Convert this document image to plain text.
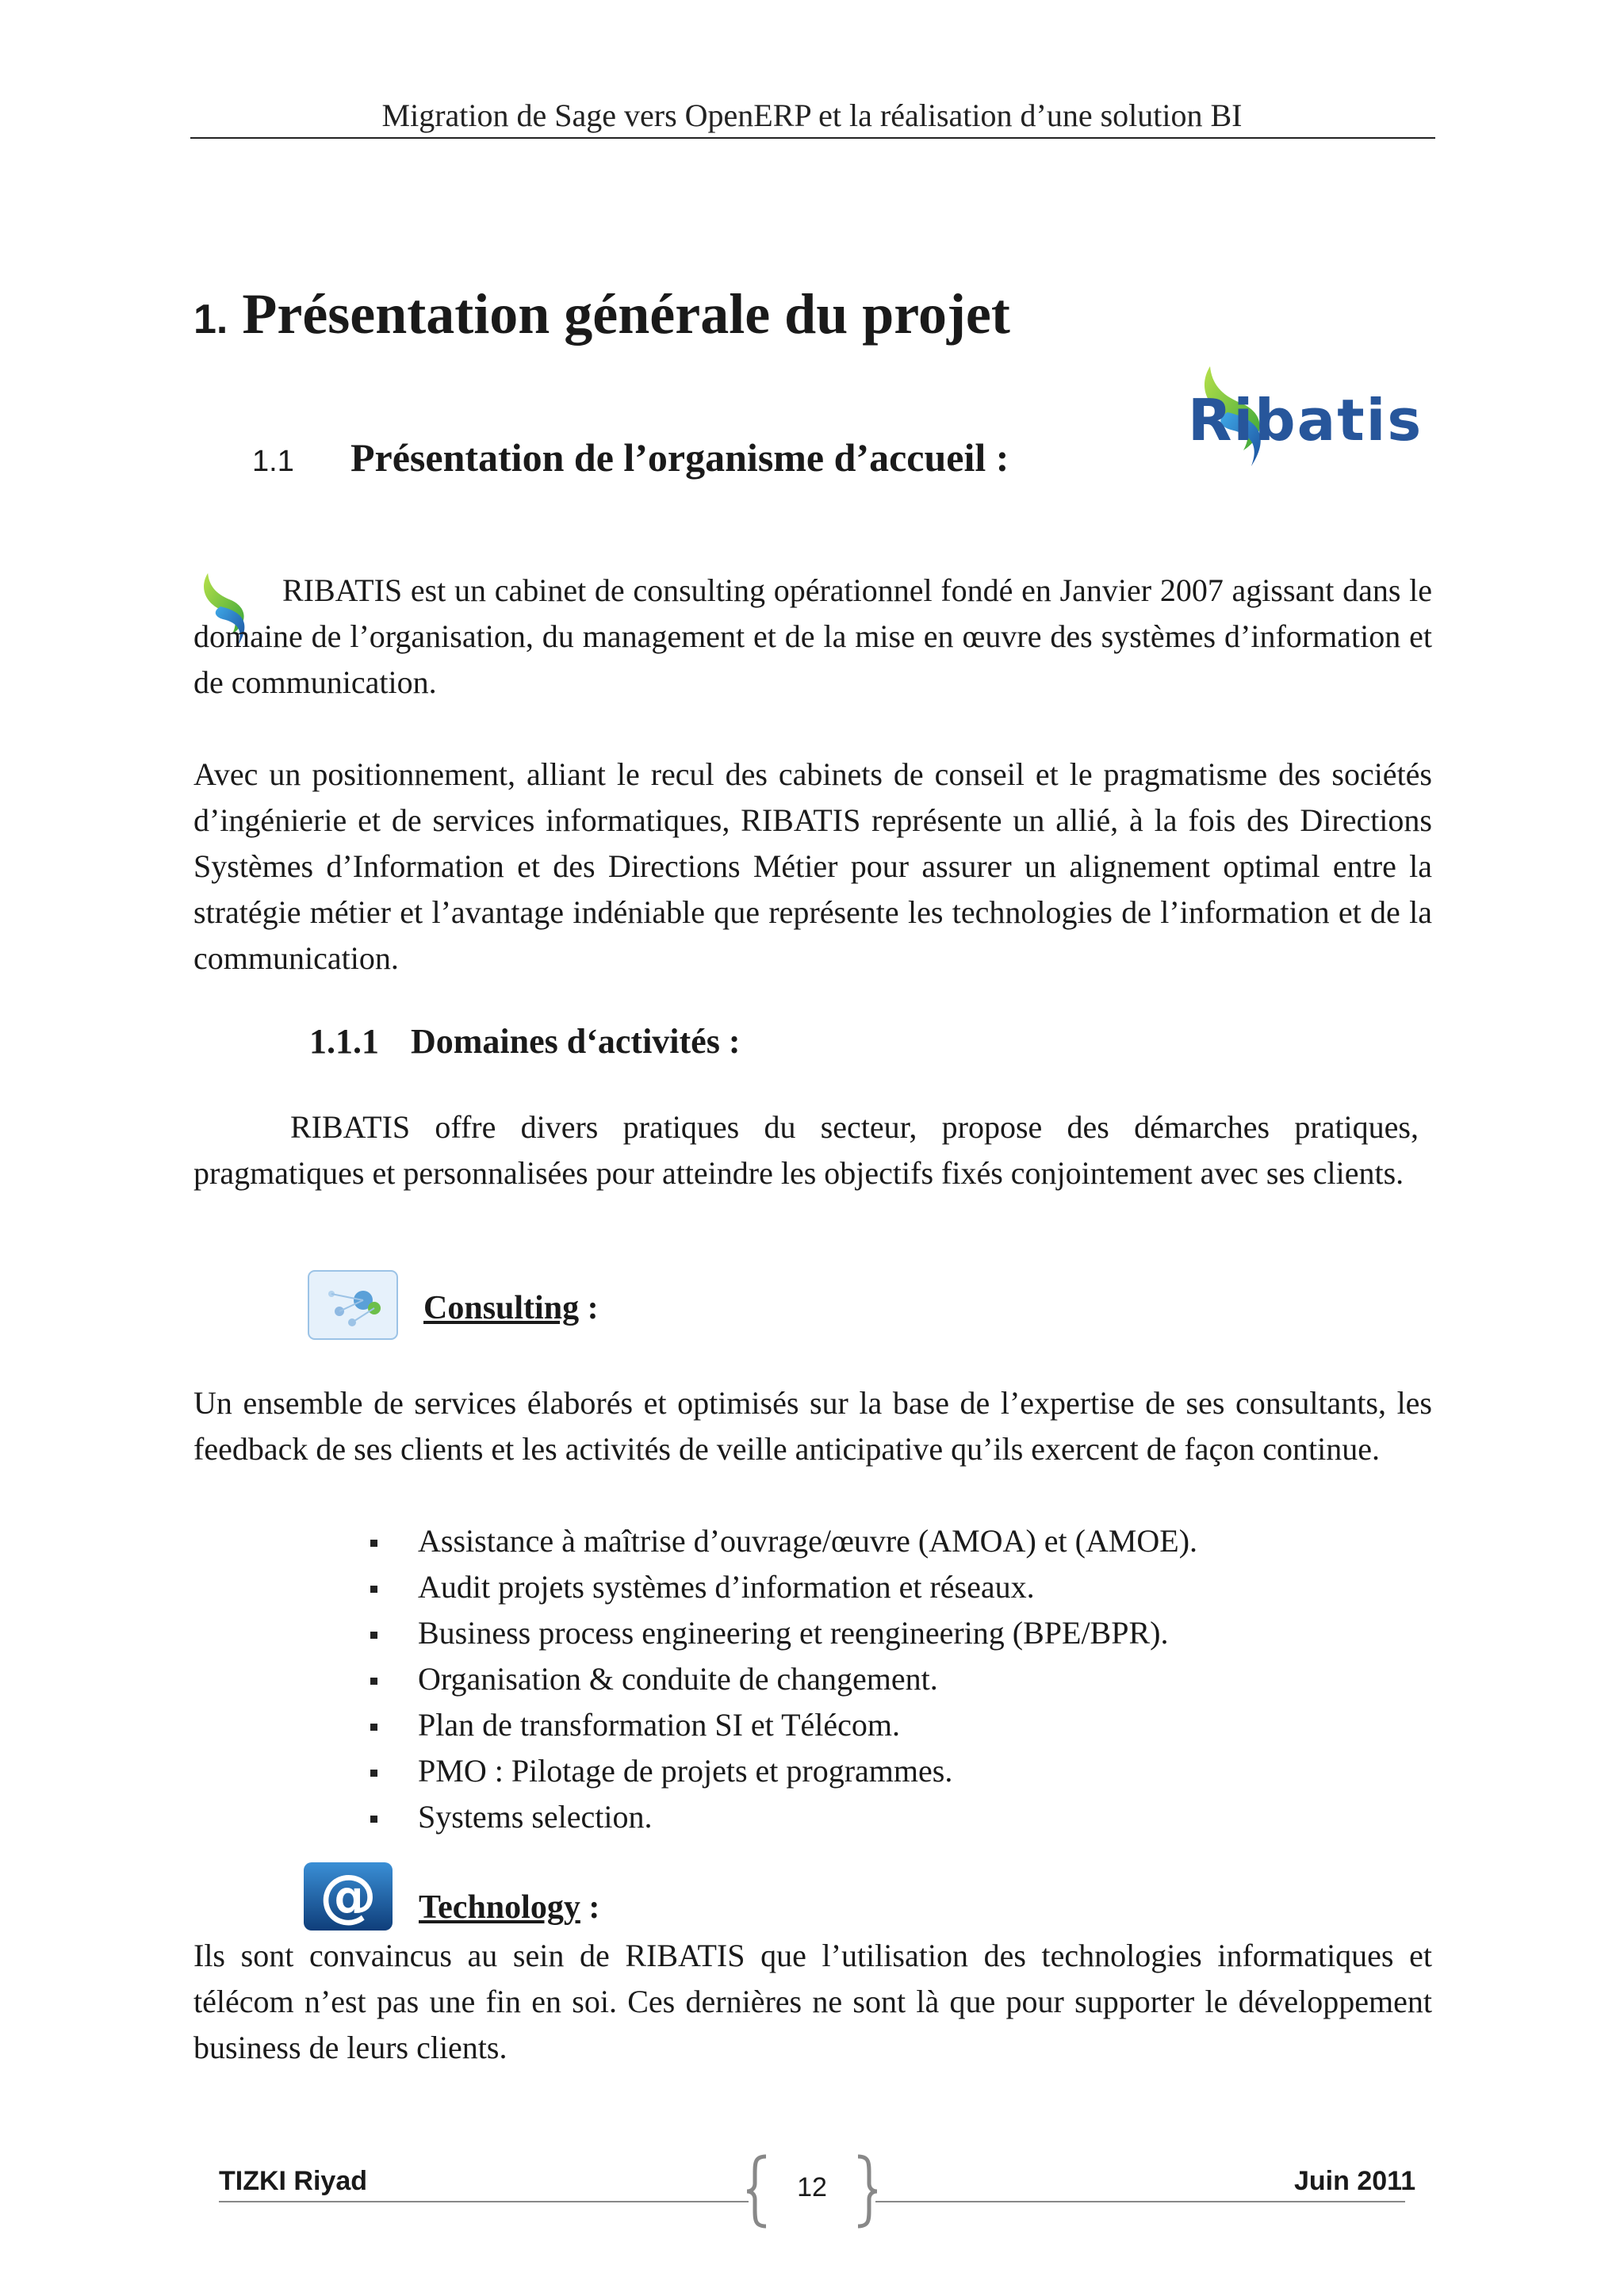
Migration de Sage vers OpenERP et la réalisation d’une solution BI
1. Présentation générale du projet
1.1 Présentation de l’organisme d’accueil :
Ribatis

RIBATIS est un cabinet de consulting opérationnel fondé en Janvier 2007 agissant dans le domaine de l’organisation, du management et de la mise en œuvre des systèmes d’information et de communication.

Avec un positionnement, alliant le recul des cabinets de conseil et le pragmatisme des sociétés d’ingénierie et de services informatiques, RIBATIS représente un allié, à la fois des Directions Systèmes d’Information et des Directions Métier pour assurer un alignement optimal entre la stratégie métier et l’avantage indéniable que représente les technologies de l’information et de la communication.

1.1.1 Domaines d‘activités :

RIBATIS offre divers pratiques du secteur, propose des démarches pratiques, pragmatiques et personnalisées pour atteindre les objectifs fixés conjointement avec ses clients.

Consulting :

Un ensemble de services élaborés et optimisés sur la base de l’expertise de ses consultants, les feedback de ses clients et les activités de veille anticipative qu’ils exercent de façon continue.

Assistance à maîtrise d’ouvrage/œuvre (AMOA) et (AMOE).
Audit projets systèmes d’information et réseaux.
Business process engineering et reengineering (BPE/BPR).
Organisation & conduite de changement.
Plan de transformation SI et Télécom.
PMO : Pilotage de projets et programmes.
Systems selection.
@ Technology :

Ils sont convaincus au sein de RIBATIS que l’utilisation des technologies informatiques et télécom n’est pas une fin en soi. Ces dernières ne sont là que pour supporter le développement business de leurs clients.

TIZKI Riyad	Juin 2011
12
